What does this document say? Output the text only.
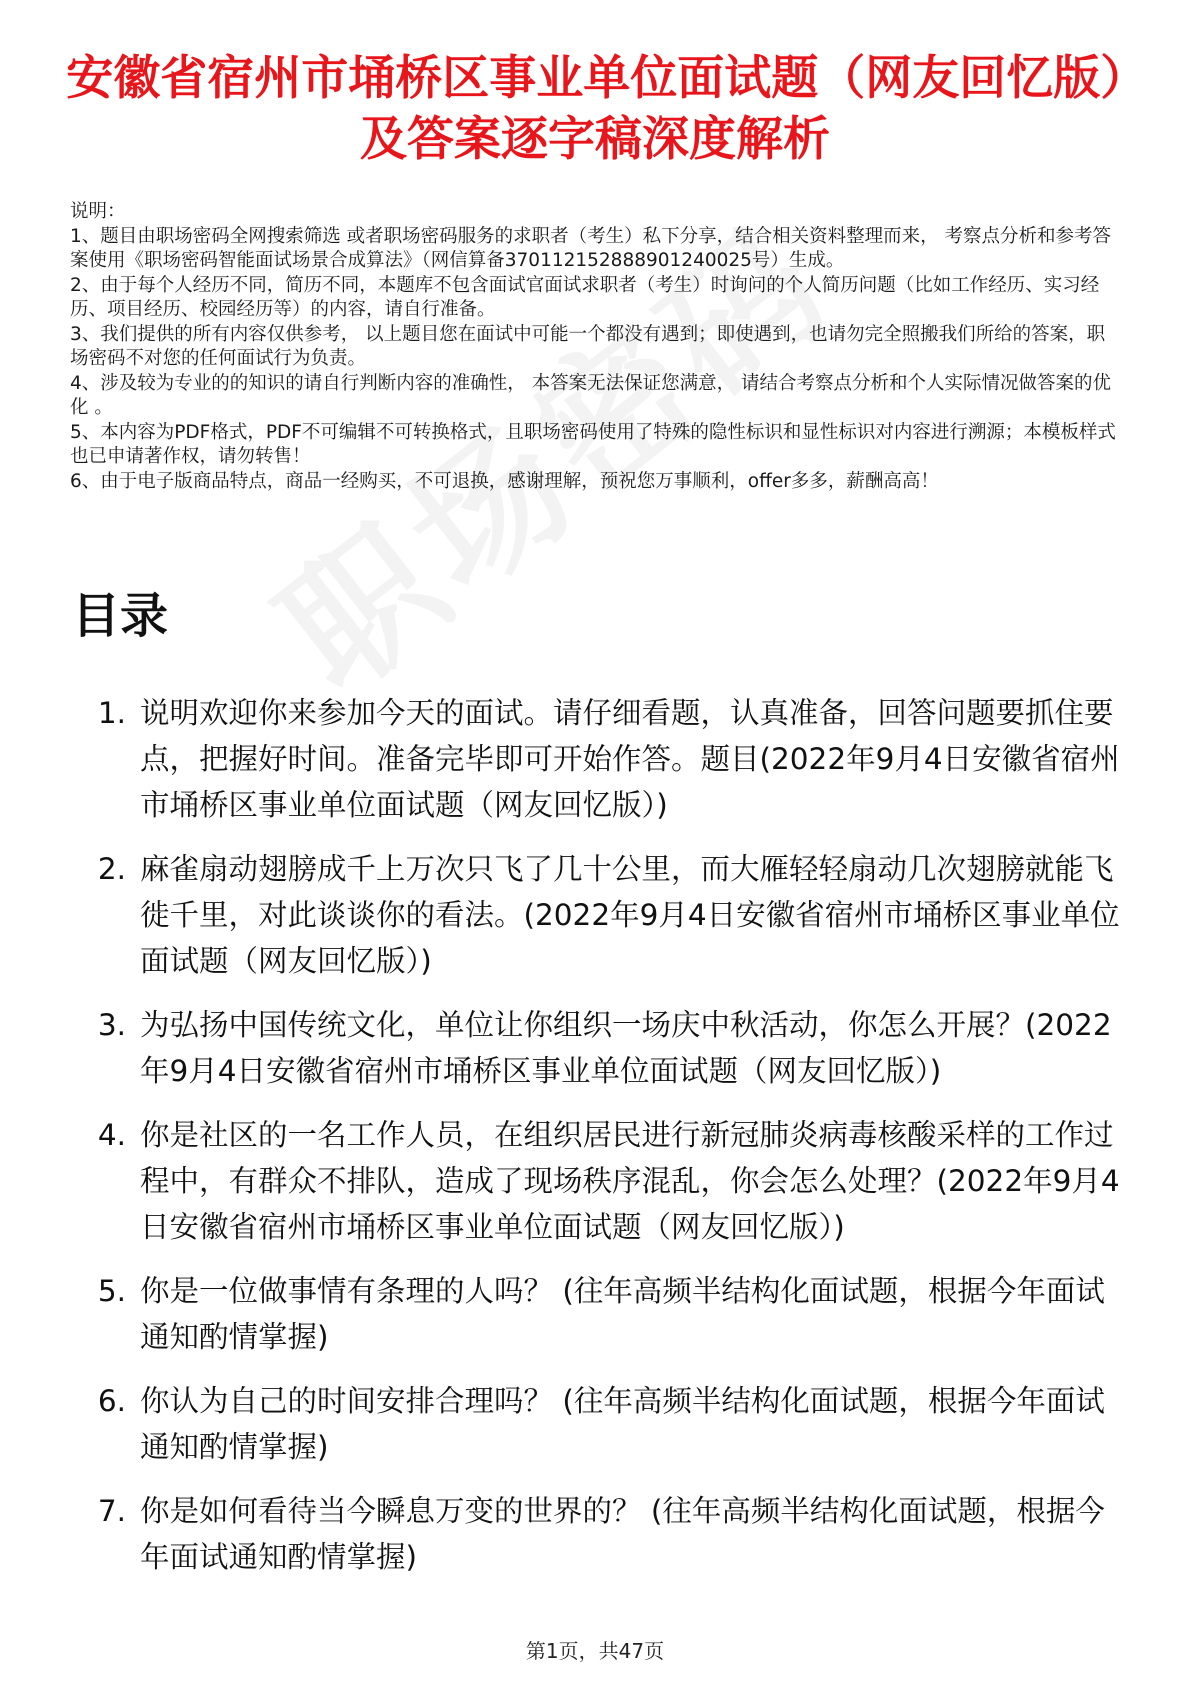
安徽省宿州市埇桥区事业单位面试题（网友回忆版）及答案逐字稿深度解析
说明：
1、题目由职场密码全网搜索筛选 或者职场密码服务的求职者（考生）私下分享，结合相关资料整理而来， 考察点分析和参考答案使用《职场密码智能面试场景合成算法》（网信算备370112152888901240025号）生成。
2、由于每个人经历不同，简历不同，本题库不包含面试官面试求职者（考生）时询问的个人简历问题（比如工作经历、实习经历、项目经历、校园经历等）的内容，请自行准备。
3、我们提供的所有内容仅供参考， 以上题目您在面试中可能一个都没有遇到；即使遇到，也请勿完全照搬我们所给的答案，职场密码不对您的任何面试行为负责。
4、涉及较为专业的的知识的请自行判断内容的准确性， 本答案无法保证您满意， 请结合考察点分析和个人实际情况做答案的优化 。
5、本内容为PDF格式，PDF不可编辑不可转换格式，且职场密码使用了特殊的隐性标识和显性标识对内容进行溯源；本模板样式也已申请著作权，请勿转售！
6、由于电子版商品特点，商品一经购买，不可退换，感谢理解，预祝您万事顺利，offer多多，薪酬高高！
目录
1. 说明欢迎你来参加今天的面试。请仔细看题，认真准备，回答问题要抓住要点，把握好时间。准备完毕即可开始作答。题目(2022年9月4日安徽省宿州市埇桥区事业单位面试题（网友回忆版）)
2. 麻雀扇动翅膀成千上万次只飞了几十公里，而大雁轻轻扇动几次翅膀就能飞徙千里，对此谈谈你的看法。(2022年9月4日安徽省宿州市埇桥区事业单位面试题（网友回忆版）)
3. 为弘扬中国传统文化，单位让你组织一场庆中秋活动，你怎么开展？(2022年9月4日安徽省宿州市埇桥区事业单位面试题（网友回忆版）)
4. 你是社区的一名工作人员，在组织居民进行新冠肺炎病毒核酸采样的工作过程中，有群众不排队，造成了现场秩序混乱，你会怎么处理？(2022年9月4日安徽省宿州市埇桥区事业单位面试题（网友回忆版）)
5. 你是一位做事情有条理的人吗？ (往年高频半结构化面试题，根据今年面试通知酌情掌握)
6. 你认为自己的时间安排合理吗？ (往年高频半结构化面试题，根据今年面试通知酌情掌握)
7. 你是如何看待当今瞬息万变的世界的？ (往年高频半结构化面试题，根据今年面试通知酌情掌握)
第1页，共47页
